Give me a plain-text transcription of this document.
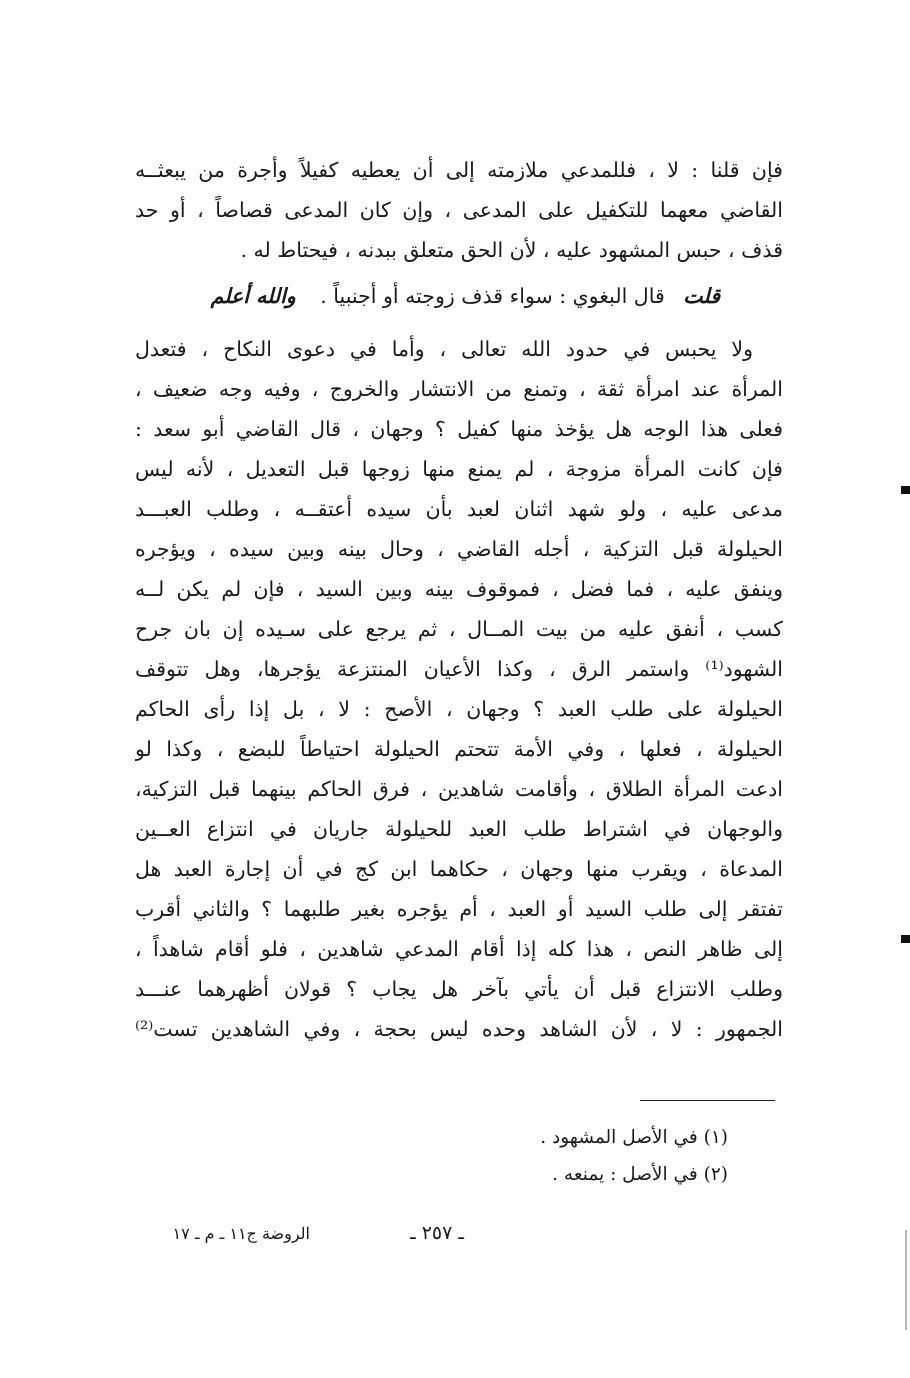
فإن قلنا : لا ، فللمدعي ملازمته إلى أن يعطيه كفيلاً وأجرة من يبعثــه
القاضي معهما للتكفيل على المدعى ، وإن كان المدعى قصاصاً ، أو حد
قذف ، حبس المشهود عليه ، لأن الحق متعلق ببدنه ، فيحتاط له .
قلت قال البغوي : سواء قذف زوجته أو أجنبياً . والله أعلم
ولا يحبس في حدود الله تعالى ، وأما في دعوى النكاح ، فتعدل
المرأة عند امرأة ثقة ، وتمنع من الانتشار والخروج ، وفيه وجه ضعيف ،
فعلى هذا الوجه هل يؤخذ منها كفيل ؟ وجهان ، قال القاضي أبو سعد :
فإن كانت المرأة مزوجة ، لم يمنع منها زوجها قبل التعديل ، لأنه ليس
مدعى عليه ، ولو شهد اثنان لعبد بأن سيده أعتقــه ، وطلب العبـــد
الحيلولة قبل التزكية ، أجله القاضي ، وحال بينه وبين سيده ، ويؤجره
وينفق عليه ، فما فضل ، فموقوف بينه وبين السيد ، فإن لم يكن لــه
كسب ، أنفق عليه من بيت المــال ، ثم يرجع على سـيده إن بان جرح
الشهود⁽¹⁾ واستمر الرق ، وكذا الأعيان المنتزعة يؤجرها، وهل تتوقف
الحيلولة على طلب العبد ؟ وجهان ، الأصح : لا ، بل إذا رأى الحاكم
الحيلولة ، فعلها ، وفي الأمة تتحتم الحيلولة احتياطاً للبضع ، وكذا لو
ادعت المرأة الطلاق ، وأقامت شاهدين ، فرق الحاكم بينهما قبل التزكية،
والوجهان في اشتراط طلب العبد للحيلولة جاريان في انتزاع العــين
المدعاة ، ويقرب منها وجهان ، حكاهما ابن كج في أن إجارة العبد هل
تفتقر إلى طلب السيد أو العبد ، أم يؤجره بغير طلبهما ؟ والثاني أقرب
إلى ظاهر النص ، هذا كله إذا أقام المدعي شاهدين ، فلو أقام شاهداً ،
وطلب الانتزاع قبل أن يأتي بآخر هل يجاب ؟ قولان أظهرهما عنـــد
الجمهور : لا ، لأن الشاهد وحده ليس بحجة ، وفي الشاهدين تست⁽²⁾
(١) في الأصل المشهود .
(٢) في الأصل : يمنعه .
ـ ٢٥٧ ـ
الروضة ج١١ ـ م ـ ١٧
